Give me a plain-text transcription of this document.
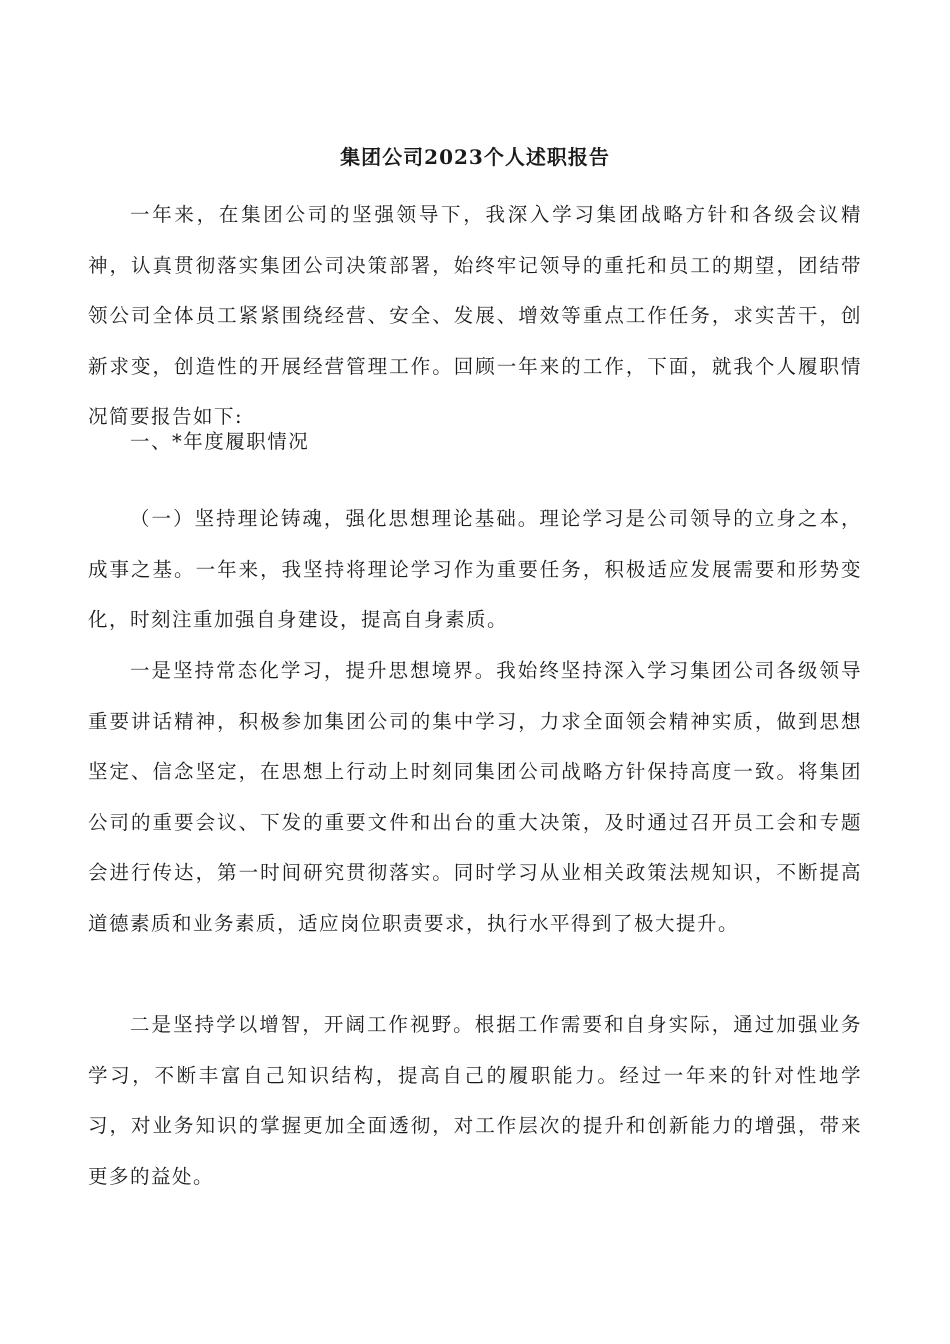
集团公司2023个人述职报告

一年来，在集团公司的坚强领导下，我深入学习集团战略方针和各级会议精神，认真贯彻落实集团公司决策部署，始终牢记领导的重托和员工的期望，团结带领公司全体员工紧紧围绕经营、安全、发展、增效等重点工作任务，求实苦干，创新求变，创造性的开展经营管理工作。回顾一年来的工作，下面，就我个人履职情况简要报告如下:

一、*年度履职情况

（一）坚持理论铸魂，强化思想理论基础。理论学习是公司领导的立身之本，成事之基。一年来，我坚持将理论学习作为重要任务，积极适应发展需要和形势变化，时刻注重加强自身建设，提高自身素质。

一是坚持常态化学习，提升思想境界。我始终坚持深入学习集团公司各级领导重要讲话精神，积极参加集团公司的集中学习，力求全面领会精神实质，做到思想坚定、信念坚定，在思想上行动上时刻同集团公司战略方针保持高度一致。将集团公司的重要会议、下发的重要文件和出台的重大决策，及时通过召开员工会和专题会进行传达，第一时间研究贯彻落实。同时学习从业相关政策法规知识，不断提高道德素质和业务素质，适应岗位职责要求，执行水平得到了极大提升。

二是坚持学以增智，开阔工作视野。根据工作需要和自身实际，通过加强业务学习，不断丰富自己知识结构，提高自己的履职能力。经过一年来的针对性地学习，对业务知识的掌握更加全面透彻，对工作层次的提升和创新能力的增强，带来更多的益处。
